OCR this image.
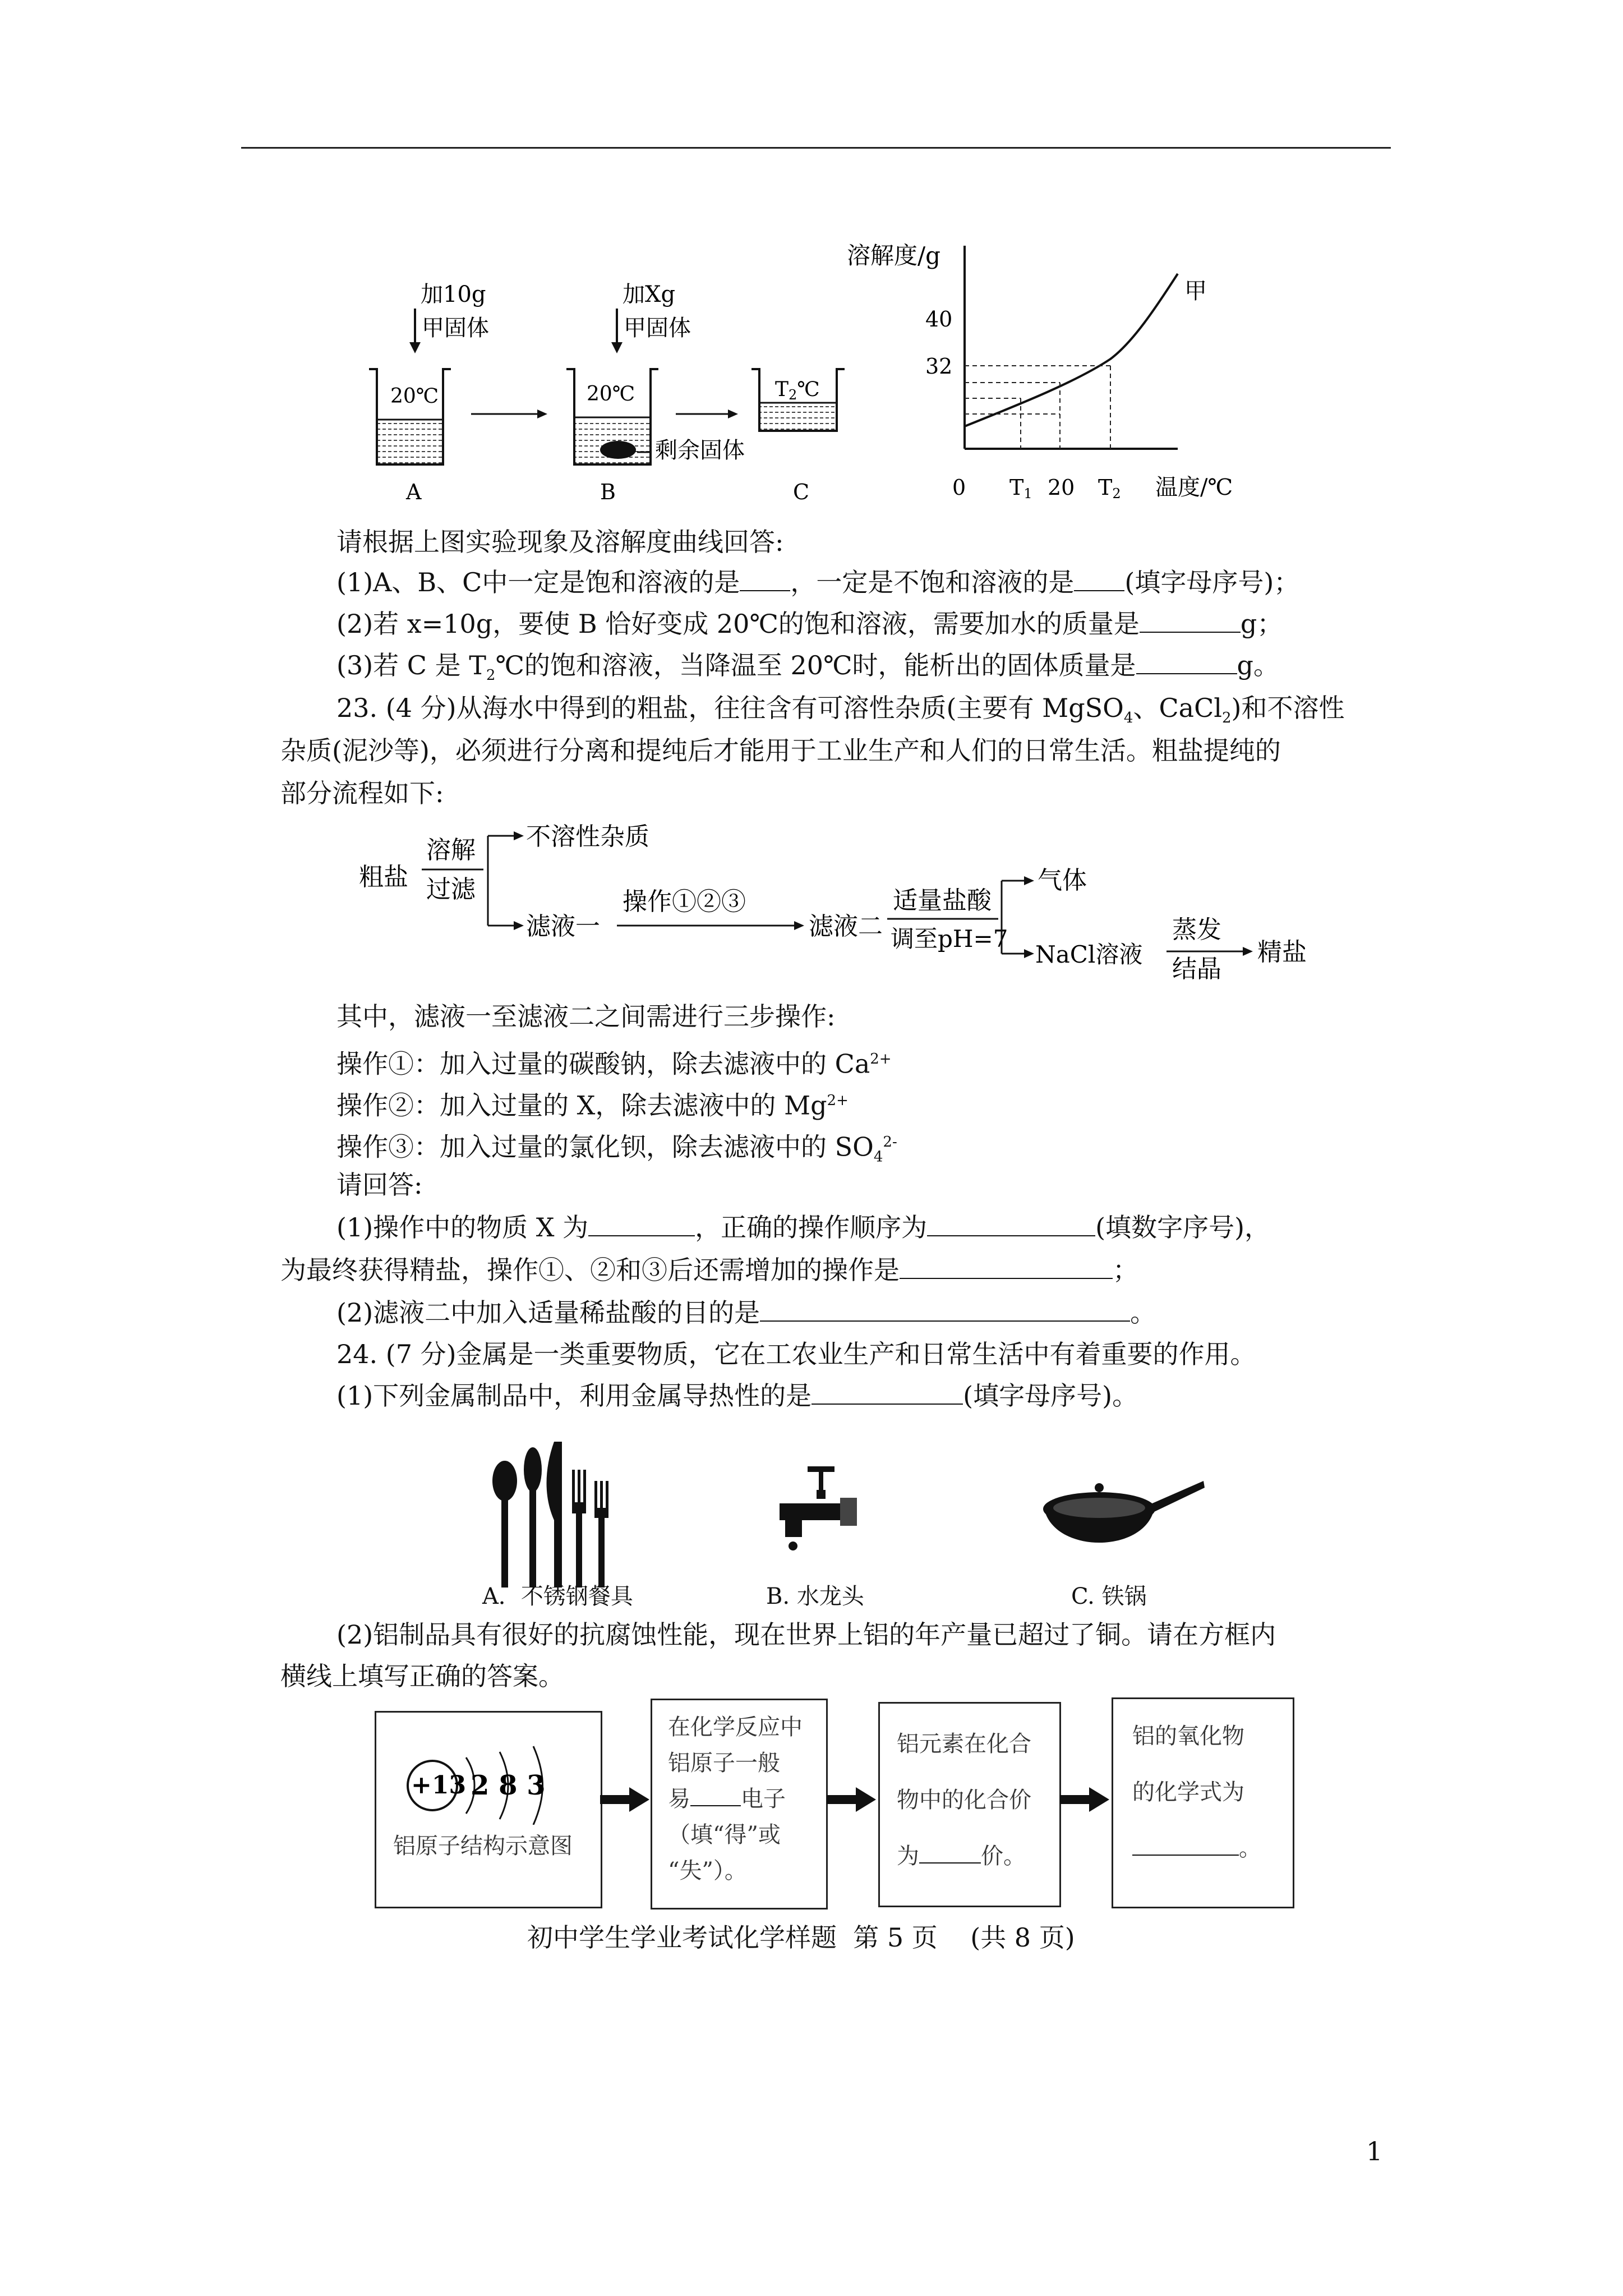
加10g
甲固体
加Xg
甲固体
20℃	20℃
剩余固体
T2℃
A	B	C
溶解度/g
甲
40
32
0 T1 20 T2 温度/℃
请根据上图实验现象及溶解度曲线回答:
(1)A、B、C中一定是饱和溶液的是 ，一定是不饱和溶液的是 (填字母序号)；
(2)若 x=10g，要使 B 恰好变成 20℃的饱和溶液，需要加水的质量是	g；
(3)若 C 是 $T_2℃$的饱和溶液，当降温至 20℃时，能析出的固体质量是	g。
23. (4 分)从海水中得到的粗盐，往往含有可溶性杂质(主要有 MgSO$_4$、CaCl$_2$)和不溶性
杂质(泥沙等)，必须进行分离和提纯后才能用于工业生产和人们的日常生活。粗盐提纯的
部分流程如下:
粗盐
溶解
过滤
不溶性杂质
滤液一
操作①②③
滤液二
适量盐酸
调至pH=7
气体
NaCl溶液
蒸发
结晶
精盐
其中，滤液一至滤液二之间需进行三步操作:
操作①：加入过量的碳酸钠，除去滤液中的 $Ca^{2+}$
操作②：加入过量的 X，除去滤液中的 $Mg^{2+}$
操作③：加入过量的氯化钡，除去滤液中的 $SO_4^{2-}$
请回答:
(1)操作中的物质 X 为	，正确的操作顺序为	(填数字序号)，
为最终获得精盐，操作①、②和③后还需增加的操作是	；
(2)滤液二中加入适量稀盐酸的目的是	。
24. (7 分)金属是一类重要物质，它在工农业生产和日常生活中有着重要的作用。
(1)下列金属制品中，利用金属导热性的是	(填字母序号)。
A．不锈钢餐具	B. 水龙头	C. 铁锅
(2)铝制品具有很好的抗腐蚀性能，现在世界上铝的年产量已超过了铜。请在方框内
横线上填写正确的答案。
+13 2 8 3
铝原子结构示意图
在化学反应中
铝原子一般
易 电子
（填“得”或
“失”）。
铝元素在化合
物中的化合价
为	价。
铝的氧化物
的化学式为
。
初中学生学业考试化学样题  第 5 页    (共 8 页)
1
